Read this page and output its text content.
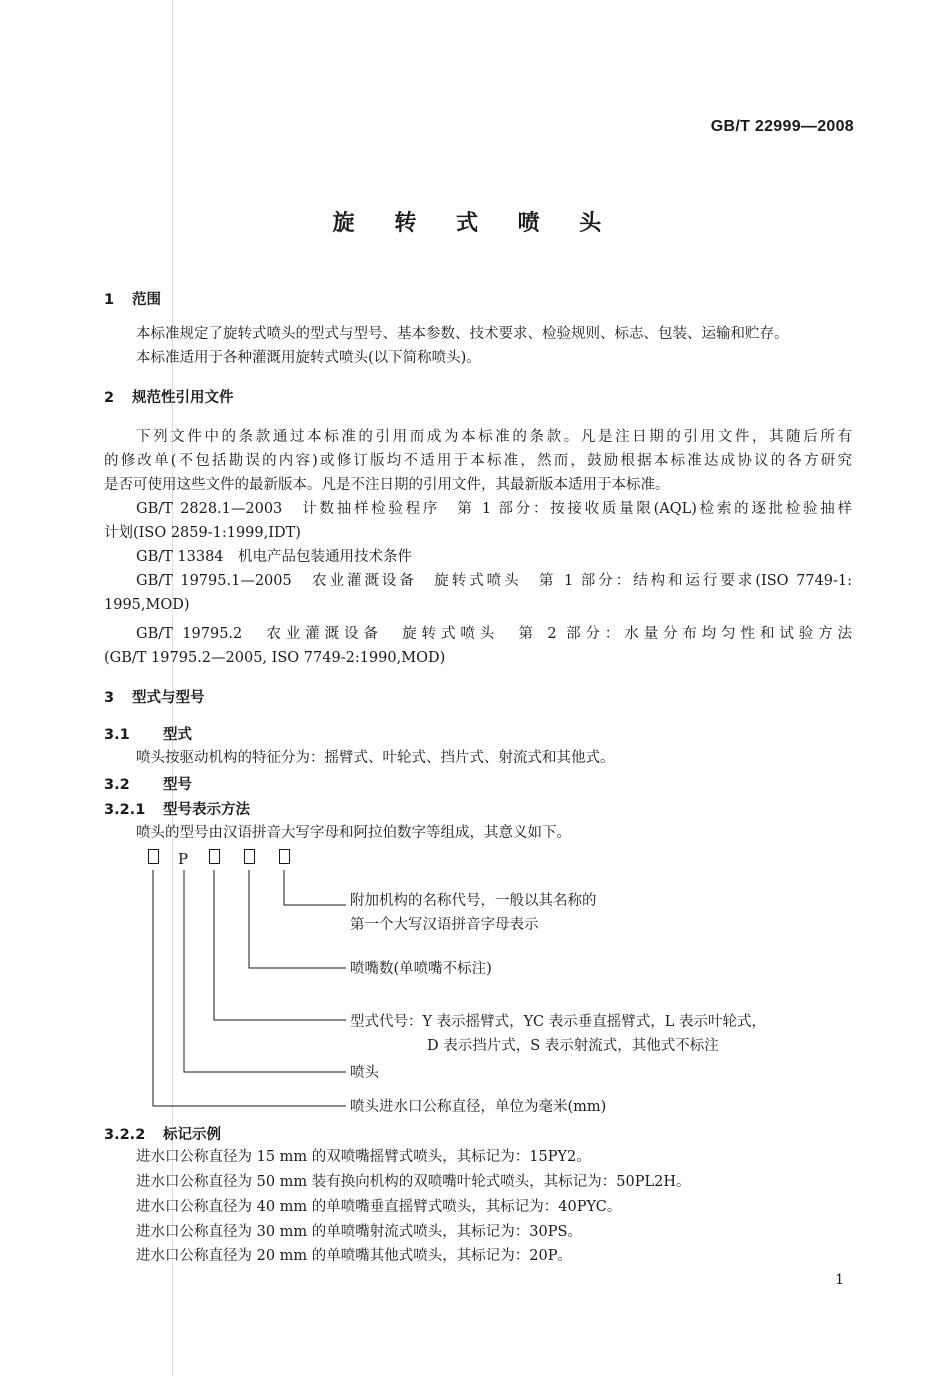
GB/T 22999—2008
旋 转 式 喷 头
1 范围
本标准规定了旋转式喷头的型式与型号、基本参数、技术要求、检验规则、标志、包装、运输和贮存。
本标准适用于各种灌溉用旋转式喷头(以下简称喷头)。
2 规范性引用文件
下列文件中的条款通过本标准的引用而成为本标准的条款。凡是注日期的引用文件，其随后所有
的修改单(不包括勘误的内容)或修订版均不适用于本标准，然而，鼓励根据本标准达成协议的各方研究
是否可使用这些文件的最新版本。凡是不注日期的引用文件，其最新版本适用于本标准。
GB/T 2828.1—2003　计数抽样检验程序　第 1 部分：按接收质量限(AQL)检索的逐批检验抽样
计划(ISO 2859-1:1999,IDT)
GB/T 13384　机电产品包装通用技术条件
GB/T 19795.1—2005　农业灌溉设备　旋转式喷头　第 1 部分：结构和运行要求(ISO 7749-1:
1995,MOD)
GB/T 19795.2　农业灌溉设备　旋转式喷头　第 2 部分：水量分布均匀性和试验方法
(GB/T 19795.2—2005, ISO 7749-2:1990,MOD)
3 型式与型号
3.1 型式
喷头按驱动机构的特征分为：摇臂式、叶轮式、挡片式、射流式和其他式。
3.2 型号
3.2.1 型号表示方法
喷头的型号由汉语拼音大写字母和阿拉伯数字等组成，其意义如下。
P
附加机构的名称代号，一般以其名称的
第一个大写汉语拼音字母表示
喷嘴数(单喷嘴不标注)
型式代号：Y 表示摇臂式，YC 表示垂直摇臂式，L 表示叶轮式，
D 表示挡片式，S 表示射流式，其他式不标注
喷头
喷头进水口公称直径，单位为毫米(mm)
3.2.2 标记示例
进水口公称直径为 15 mm 的双喷嘴摇臂式喷头，其标记为：15PY2。
进水口公称直径为 50 mm 装有换向机构的双喷嘴叶轮式喷头，其标记为：50PL2H。
进水口公称直径为 40 mm 的单喷嘴垂直摇臂式喷头，其标记为：40PYC。
进水口公称直径为 30 mm 的单喷嘴射流式喷头，其标记为：30PS。
进水口公称直径为 20 mm 的单喷嘴其他式喷头，其标记为：20P。
1
